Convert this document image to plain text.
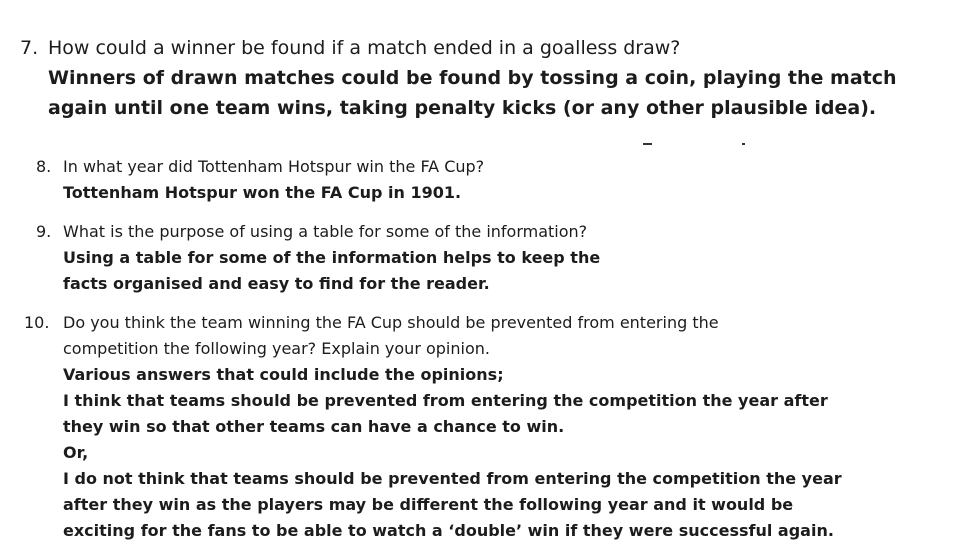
7. How could a winner be found if a match ended in a goalless draw?
Winners of drawn matches could be found by tossing a coin, playing the match
again until one team wins, taking penalty kicks (or any other plausible idea).
8. In what year did Tottenham Hotspur win the FA Cup?
Tottenham Hotspur won the FA Cup in 1901.
9. What is the purpose of using a table for some of the information?
Using a table for some of the information helps to keep the
facts organised and easy to find for the reader.
10. Do you think the team winning the FA Cup should be prevented from entering the
competition the following year? Explain your opinion.
Various answers that could include the opinions;
I think that teams should be prevented from entering the competition the year after
they win so that other teams can have a chance to win.
Or,
I do not think that teams should be prevented from entering the competition the year
after they win as the players may be different the following year and it would be
exciting for the fans to be able to watch a ‘double’ win if they were successful again.
